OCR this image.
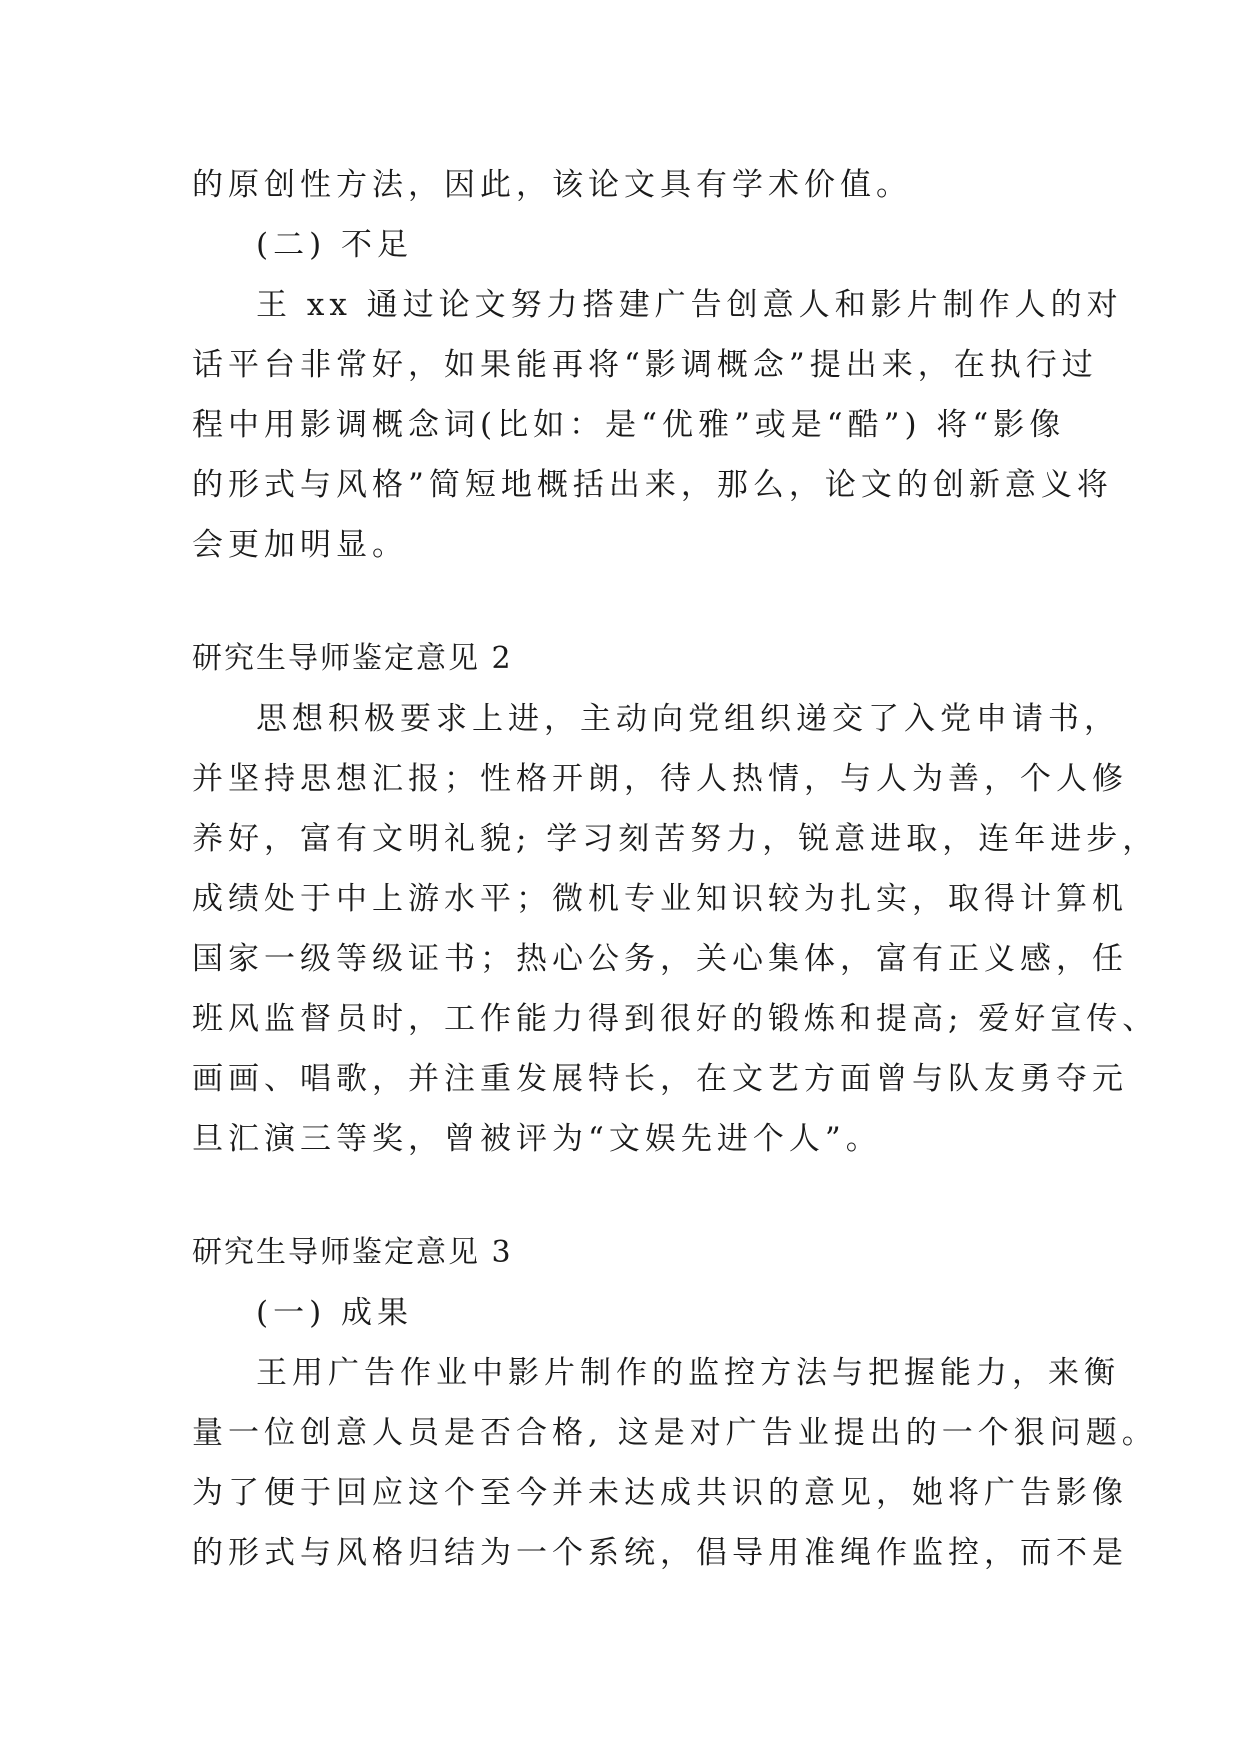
的原创性方法，因此，该论文具有学术价值。
(二) 不足
王 xx 通过论文努力搭建广告创意人和影片制作人的对
话平台非常好，如果能再将“影调概念”提出来，在执行过
程中用影调概念词(比如：是“优雅”或是“酷”) 将“影像
的形式与风格”简短地概括出来，那么，论文的创新意义将
会更加明显。
研究生导师鉴定意见 2
思想积极要求上进，主动向党组织递交了入党申请书，
并坚持思想汇报；性格开朗，待人热情，与人为善，个人修
养好，富有文明礼貌; 学习刻苦努力，锐意进取，连年进步，
成绩处于中上游水平；微机专业知识较为扎实，取得计算机
国家一级等级证书；热心公务，关心集体，富有正义感，任
班风监督员时，工作能力得到很好的锻炼和提高; 爱好宣传、
画画、唱歌，并注重发展特长，在文艺方面曾与队友勇夺元
旦汇演三等奖，曾被评为“文娱先进个人”。
研究生导师鉴定意见 3
(一) 成果
王用广告作业中影片制作的监控方法与把握能力，来衡
量一位创意人员是否合格, 这是对广告业提出的一个狠问题。
为了便于回应这个至今并未达成共识的意见，她将广告影像
的形式与风格归结为一个系统，倡导用准绳作监控，而不是
